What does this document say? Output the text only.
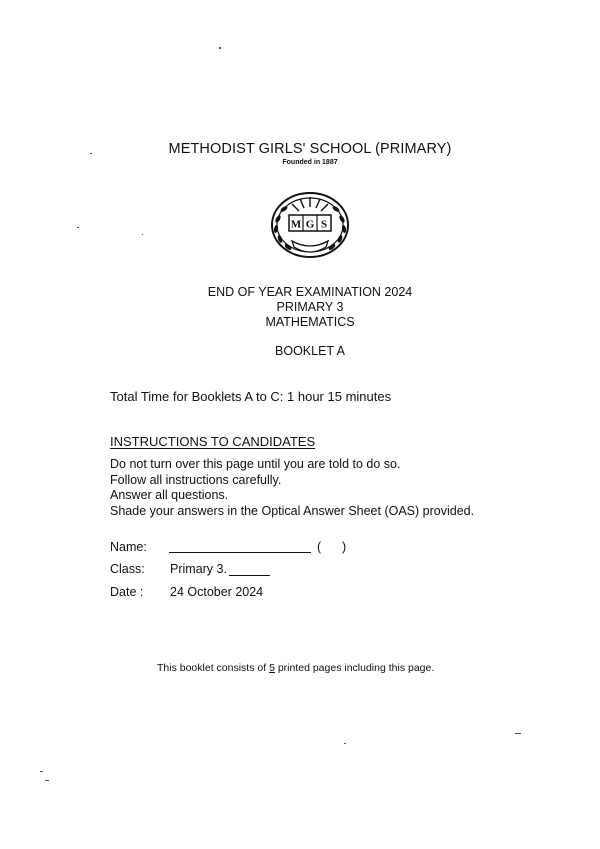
METHODIST GIRLS' SCHOOL (PRIMARY)
Founded in 1887
M G S
END OF YEAR EXAMINATION 2024
PRIMARY 3
MATHEMATICS
BOOKLET A
Total Time for Booklets A to C: 1 hour 15 minutes
INSTRUCTIONS TO CANDIDATES
Do not turn over this page until you are told to do so.
Follow all instructions carefully.
Answer all questions.
Shade your answers in the Optical Answer Sheet (OAS) provided.
Name:	(      )
Class: Primary 3.
Date : 24 October 2024
This booklet consists of 5 printed pages including this page.
